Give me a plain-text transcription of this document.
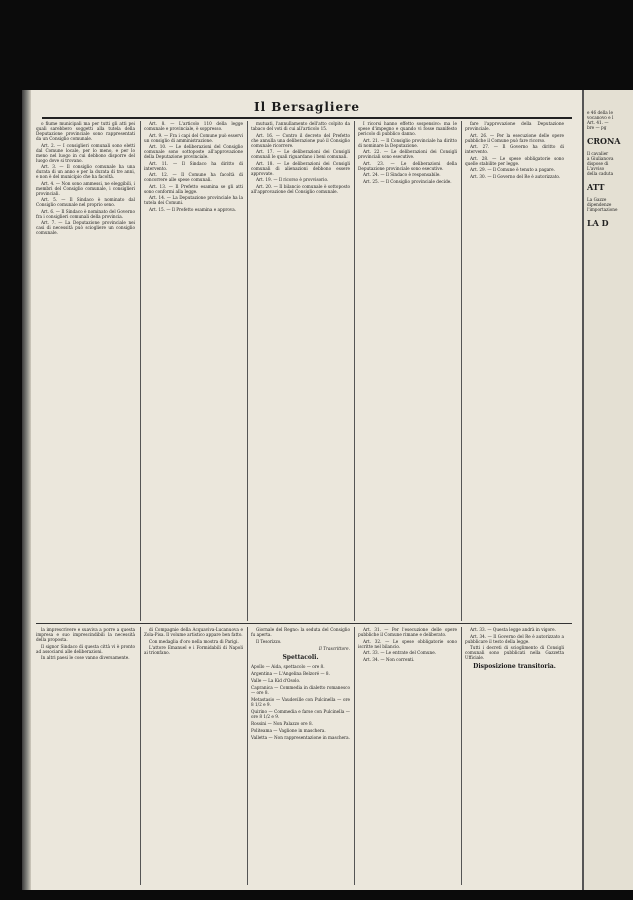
Il Bersagliere
o fiume municipali ma per tutti gli atti pei quali sarebbero soggetti alla tutela della Deputazione provinciale sono rappresentati da un Consiglio comunale.
Art. 2. — I consiglieri comunali sono eletti dal Comune locale, per lo meno, e per lo meno nel luogo in cui debbono disporre del luogo dove si trovano.
Art. 3. — Il consiglio comunale ha una durata di un anno e per la durata di tre anni, e non è del municipio che ha facoltà.
Art. 4. — Non sono ammessi, ne eleggibili, i membri del Consiglio comunale, i consiglieri provinciali.
Art. 5. — Il Sindaco è nominato dal Consiglio comunale nel proprio seno.
Art. 6. — Il Sindaco è nominato del Governo fra i consiglieri comunali della provincia.
Art. 7. — La Deputazione provinciale nei casi di necessità può sciogliere un consiglio comunale.
Art. 8. — L'articolo 110 della legge comunale e provinciale, è soppresso.
Art. 9. — Fra i capi del Comune può esservi un consiglio di amministrazione.
Art. 10. — Le deliberazioni del Consiglio comunale sono sottoposte all'approvazione della Deputazione provinciale.
Art. 11. — Il Sindaco ha diritto di intervento.
Art. 12. — Il Comune ha facoltà di concorrere alle spese comunali.
Art. 13. — Il Prefetto esamina se gli atti sono conformi alla legge.
Art. 14. — La Deputazione provinciale ha la tutela dei Comuni.
Art. 15. — Il Prefetto esamina e approva.
mutuati, l'annullamento dell'atto colpito da tabaco del voti di cui all'articolo 15.
Art. 16. — Contro il decreto del Prefetto che annulla una deliberazione può il Consiglio comunale ricorrere.
Art. 17. — Le deliberazioni dei Consigli comunali le quali riguardano i beni comunali.
Art. 18. — Le deliberazioni dei Consigli comunali di alienazioni debbono essere approvate.
Art. 19. — Il ricorso è provvisorio.
Art. 20. — Il bilancio comunale è sottoposto all'approvazione del Consiglio comunale.
I ricorsi hanno effetto sospensivo: ma le spese d'impegno e quando vi fosse manifesto pericolo di pubblico danno.
Art. 21. — Il Consiglio provinciale ha diritto di nominare la Deputazione.
Art. 22. — Le deliberazioni dei Consigli provinciali sono esecutive.
Art. 23. — Le deliberazioni della Deputazione provinciale sono esecutive.
Art. 24. — Il Sindaco è responsabile.
Art. 25. — Il Consiglio provinciale decide.
fare l'approvazione della Deputazione provinciale.
Art. 26. — Per la esecuzione delle opere pubbliche il Comune può fare ricorso.
Art. 27. — Il Governo ha diritto di intervento.
Art. 28. — Le spese obbligatorie sono quelle stabilite per legge.
Art. 29. — Il Comune è tenuto a pagare.
Art. 30. — Il Governo del Re è autorizzato.
la imprescrivere e suaviva a porre a questa impresa e suo imprescindibili la necessità della proposta.
Il signor Sindaco di questa città vi è pronto ad associarsi alle deliberazioni.
In altri paesi le cose vanno diversamente.
di Compagnie della Acquaviva-Lucanuova e Zola-Pisa. Il volume artistico appare ben fatto.
Con medaglia d'oro nella mostra di Parigi.
L'attore Emanuel e i Formidabili di Napoli ai trionfano.
Giornale del Regno: la seduta del Consiglio fu aperta.
Il Tesorizzo.
Il Trascrittore.
Spettacoli.
Apollo — Aida, spettacolo — ore 8.
Argentina — L'Angelina Belzoré — 8.
Valle — La Kid d'Osolo.
Capranica — Commedia in dialetto romanesco — ore 8.
Metastasio — Vaudeville con Pulcinella — ore 8 1/2 e 9.
Quirino — Commedia e farse con Pulcinella — ore 8 1/2 e 9.
Rossini — Non Palazzo ore 8.
Politeama — Vaglione in maschera.
Valletta — Non rappresentazione in maschera.
Art. 31. — Per l'esecuzione delle opere pubbliche il Comune rimane e deliberato.
Art. 32. — Le spese obbligatorie sono iscritte nel bilancio.
Art. 33. — Le entrate del Comune.
Art. 34. — Non correnti.
Art. 33. — Questa legge andrà in vigore.
Art. 34. — Il Governo del Re è autorizzato a pubblicare il testo della legge.
Tutti i decreti di scioglimento di Consigli comunali sono pubblicati nella Gazzetta Ufficiale.
Disposizione transitoria.
e 46 della le
vocanovo e l
Art. 41. —
bre — pg
CRONA
Il cavalier
a Giulianova
dispose di
L'avviso
della caduta
ATT
La Gazze
dipendenze
l'importazione
LA D
